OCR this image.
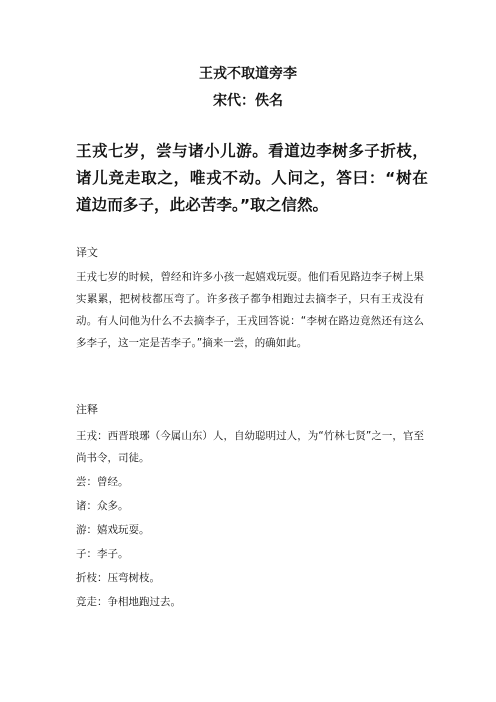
王戎不取道旁李
宋代：佚名
王戎七岁，尝与诸小儿游。看道边李树多子折枝，诸儿竞走取之，唯戎不动。人问之，答曰：“树在道边而多子，此必苦李。”取之信然。
译文
王戎七岁的时候，曾经和许多小孩一起嬉戏玩耍。他们看见路边李子树上果实累累，把树枝都压弯了。许多孩子都争相跑过去摘李子，只有王戎没有动。有人问他为什么不去摘李子，王戎回答说：“李树在路边竟然还有这么多李子，这一定是苦李子。”摘来一尝，的确如此。
注释

王戎：西晋琅琊（今属山东）人，自幼聪明过人，为“竹林七贤”之一，官至尚书令，司徒。

尝：曾经。

诸：众多。

游：嬉戏玩耍。

子：李子。

折枝：压弯树枝。

竞走：争相地跑过去。
